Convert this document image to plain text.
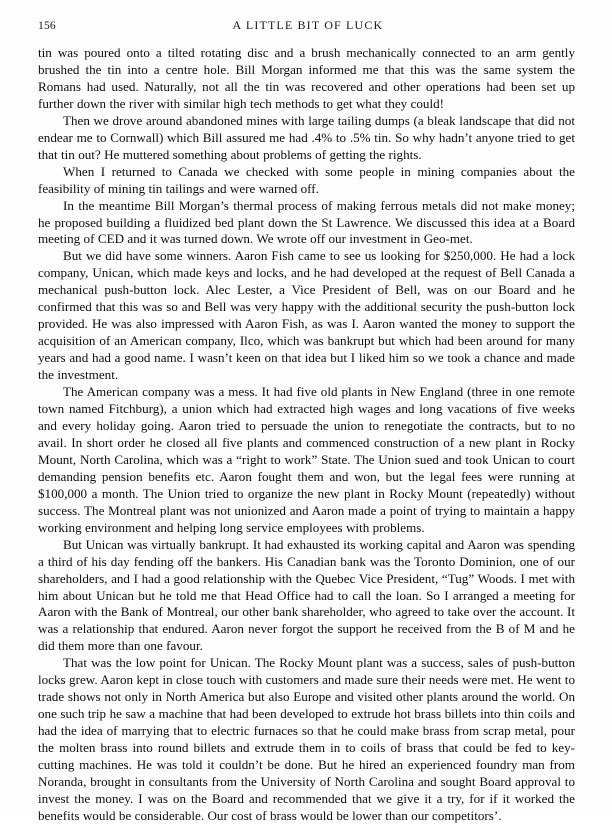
156	A LITTLE BIT OF LUCK

tin was poured onto a tilted rotating disc and a brush mechanically connected to an arm gently brushed the tin into a centre hole. Bill Morgan informed me that this was the same system the Romans had used. Naturally, not all the tin was recovered and other operations had been set up further down the river with similar high tech methods to get what they could!

Then we drove around abandoned mines with large tailing dumps (a bleak landscape that did not endear me to Cornwall) which Bill assured me had .4% to .5% tin. So why hadn’t anyone tried to get that tin out? He muttered something about problems of getting the rights.

When I returned to Canada we checked with some people in mining companies about the feasibility of mining tin tailings and were warned off.

In the meantime Bill Morgan’s thermal process of making ferrous metals did not make money; he proposed building a fluidized bed plant down the St Lawrence. We discussed this idea at a Board meeting of CED and it was turned down. We wrote off our investment in Geo-met.

But we did have some winners. Aaron Fish came to see us looking for $250,000. He had a lock company, Unican, which made keys and locks, and he had developed at the request of Bell Canada a mechanical push-button lock. Alec Lester, a Vice President of Bell, was on our Board and he confirmed that this was so and Bell was very happy with the additional security the push-button lock provided. He was also impressed with Aaron Fish, as was I. Aaron wanted the money to support the acquisition of an American company, Ilco, which was bankrupt but which had been around for many years and had a good name. I wasn’t keen on that idea but I liked him so we took a chance and made the investment.

The American company was a mess. It had five old plants in New England (three in one remote town named Fitchburg), a union which had extracted high wages and long vacations of five weeks and every holiday going. Aaron tried to persuade the union to renegotiate the contracts, but to no avail. In short order he closed all five plants and commenced construction of a new plant in Rocky Mount, North Carolina, which was a “right to work” State. The Union sued and took Unican to court demanding pension benefits etc. Aaron fought them and won, but the legal fees were running at $100,000 a month. The Union tried to organize the new plant in Rocky Mount (repeatedly) without success. The Montreal plant was not unionized and Aaron made a point of trying to maintain a happy working environment and helping long service employees with problems.

But Unican was virtually bankrupt. It had exhausted its working capital and Aaron was spending a third of his day fending off the bankers. His Canadian bank was the Toronto Dominion, one of our shareholders, and I had a good relationship with the Quebec Vice President, “Tug” Woods. I met with him about Unican but he told me that Head Office had to call the loan. So I arranged a meeting for Aaron with the Bank of Montreal, our other bank shareholder, who agreed to take over the account. It was a relationship that endured. Aaron never forgot the support he received from the B of M and he did them more than one favour.

That was the low point for Unican. The Rocky Mount plant was a success, sales of push-button locks grew. Aaron kept in close touch with customers and made sure their needs were met. He went to trade shows not only in North America but also Europe and visited other plants around the world. On one such trip he saw a machine that had been developed to extrude hot brass billets into thin coils and had the idea of marrying that to electric furnaces so that he could make brass from scrap metal, pour the molten brass into round billets and extrude them in to coils of brass that could be fed to key-cutting machines. He was told it couldn’t be done. But he hired an experienced foundry man from Noranda, brought in consultants from the University of North Carolina and sought Board approval to invest the money. I was on the Board and recommended that we give it a try, for if it worked the benefits would be considerable. Our cost of brass would be lower than our competitors’.
